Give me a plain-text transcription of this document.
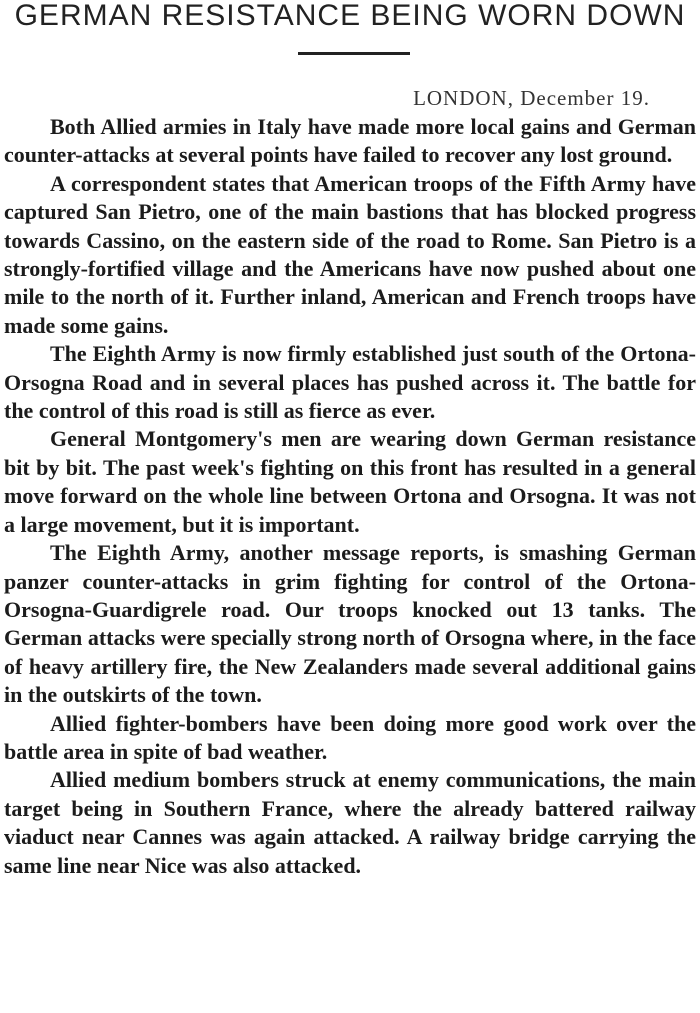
GERMAN RESISTANCE BEING WORN DOWN
LONDON, December 19.

Both Allied armies in Italy have made more local gains and German counter-attacks at several points have failed to recover any lost ground.

A correspondent states that American troops of the Fifth Army have captured San Pietro, one of the main bastions that has blocked progress towards Cassino, on the eastern side of the road to Rome. San Pietro is a strongly-fortified village and the Americans have now pushed about one mile to the north of it. Further inland, American and French troops have made some gains.

The Eighth Army is now firmly established just south of the Ortona-Orsogna Road and in several places has pushed across it. The battle for the control of this road is still as fierce as ever.

General Montgomery's men are wearing down German resistance bit by bit. The past week's fighting on this front has resulted in a general move forward on the whole line between Ortona and Orsogna. It was not a large movement, but it is important.

The Eighth Army, another message reports, is smashing German panzer counter-attacks in grim fighting for control of the Ortona-Orsogna-Guardigrele road. Our troops knocked out 13 tanks. The German attacks were specially strong north of Orsogna where, in the face of heavy artillery fire, the New Zealanders made several additional gains in the outskirts of the town.

Allied fighter-bombers have been doing more good work over the battle area in spite of bad weather.

Allied medium bombers struck at enemy communications, the main target being in Southern France, where the already battered railway viaduct near Cannes was again attacked. A railway bridge carrying the same line near Nice was also attacked.
